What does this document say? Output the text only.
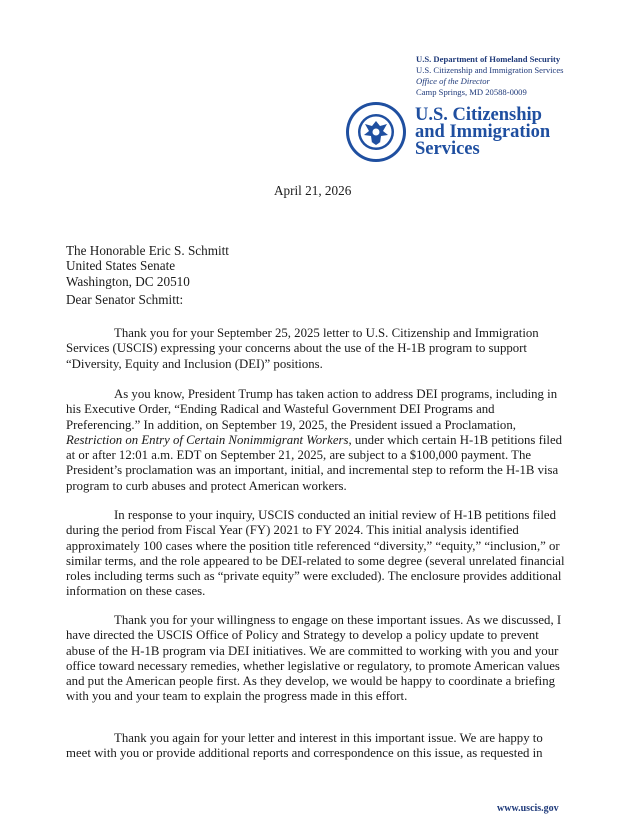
U.S. Department of Homeland Security
U.S. Citizenship and Immigration Services
Office of the Director
Camp Springs, MD 20588-0009
U.S. Citizenship
and Immigration
Services
April 21, 2026
The Honorable Eric S. Schmitt
United States Senate
Washington, DC 20510
Dear Senator Schmitt:
Thank you for your September 25, 2025 letter to U.S. Citizenship and Immigration Services (USCIS) expressing your concerns about the use of the H-1B program to support “Diversity, Equity and Inclusion (DEI)” positions.
As you know, President Trump has taken action to address DEI programs, including in his Executive Order, “Ending Radical and Wasteful Government DEI Programs and Preferencing.” In addition, on September 19, 2025, the President issued a Proclamation, Restriction on Entry of Certain Nonimmigrant Workers, under which certain H-1B petitions filed at or after 12:01 a.m. EDT on September 21, 2025, are subject to a $100,000 payment. The President’s proclamation was an important, initial, and incremental step to reform the H-1B visa program to curb abuses and protect American workers.
In response to your inquiry, USCIS conducted an initial review of H-1B petitions filed during the period from Fiscal Year (FY) 2021 to FY 2024. This initial analysis identified approximately 100 cases where the position title referenced “diversity,” “equity,” “inclusion,” or similar terms, and the role appeared to be DEI-related to some degree (several unrelated financial roles including terms such as “private equity” were excluded). The enclosure provides additional information on these cases.
Thank you for your willingness to engage on these important issues. As we discussed, I have directed the USCIS Office of Policy and Strategy to develop a policy update to prevent abuse of the H-1B program via DEI initiatives. We are committed to working with you and your office toward necessary remedies, whether legislative or regulatory, to promote American values and put the American people first. As they develop, we would be happy to coordinate a briefing with you and your team to explain the progress made in this effort.
Thank you again for your letter and interest in this important issue. We are happy to meet with you or provide additional reports and correspondence on this issue, as requested in
www.uscis.gov
